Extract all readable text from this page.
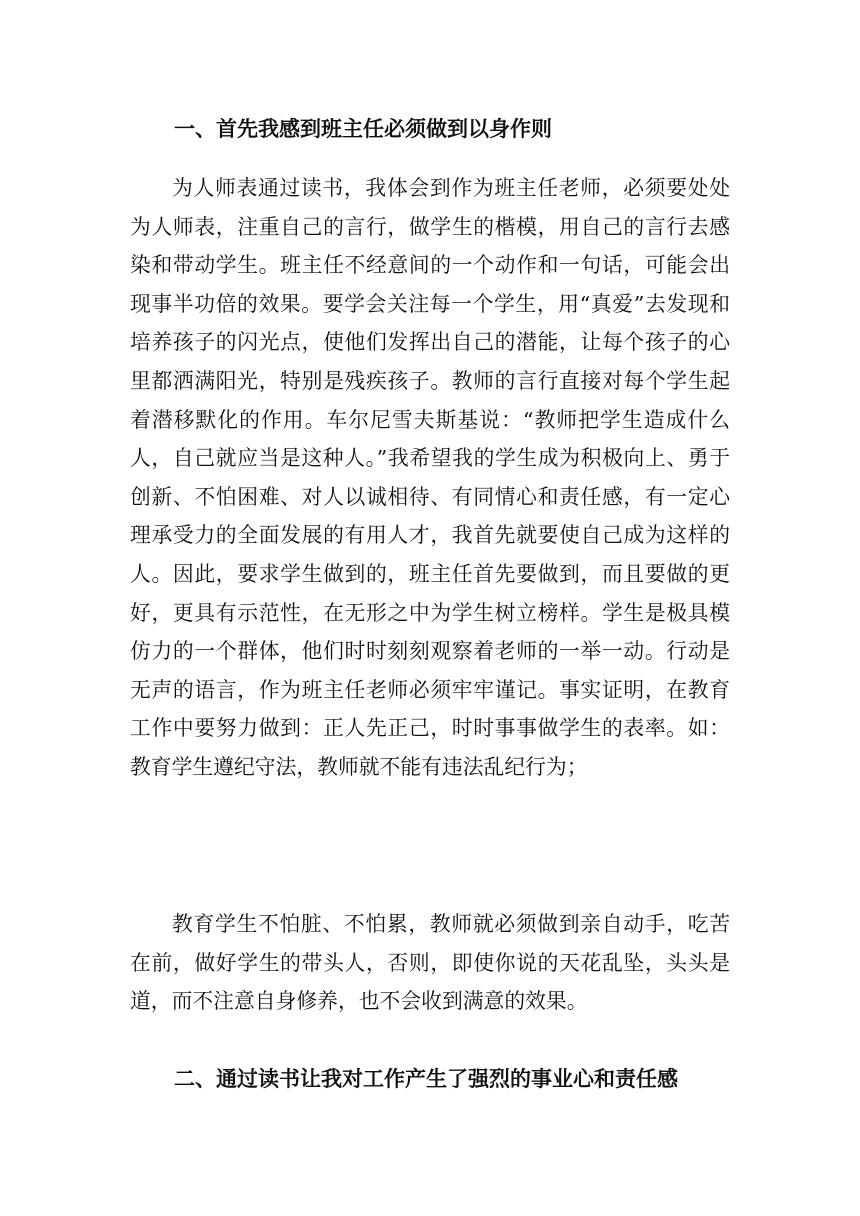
一、首先我感到班主任必须做到以身作则

为人师表通过读书，我体会到作为班主任老师，必须要处处为人师表，注重自己的言行，做学生的楷模，用自己的言行去感染和带动学生。班主任不经意间的一个动作和一句话，可能会出现事半功倍的效果。要学会关注每一个学生，用“真爱”去发现和培养孩子的闪光点，使他们发挥出自己的潜能，让每个孩子的心里都洒满阳光，特别是残疾孩子。教师的言行直接对每个学生起着潜移默化的作用。车尔尼雪夫斯基说：“教师把学生造成什么人，自己就应当是这种人。”我希望我的学生成为积极向上、勇于创新、不怕困难、对人以诚相待、有同情心和责任感，有一定心理承受力的全面发展的有用人才，我首先就要使自己成为这样的人。因此，要求学生做到的，班主任首先要做到，而且要做的更好，更具有示范性，在无形之中为学生树立榜样。学生是极具模仿力的一个群体，他们时时刻刻观察着老师的一举一动。行动是无声的语言，作为班主任老师必须牢牢谨记。事实证明，在教育工作中要努力做到：正人先正己，时时事事做学生的表率。如：教育学生遵纪守法，教师就不能有违法乱纪行为；

教育学生不怕脏、不怕累，教师就必须做到亲自动手，吃苦在前，做好学生的带头人，否则，即使你说的天花乱坠，头头是道，而不注意自身修养，也不会收到满意的效果。

二、通过读书让我对工作产生了强烈的事业心和责任感
